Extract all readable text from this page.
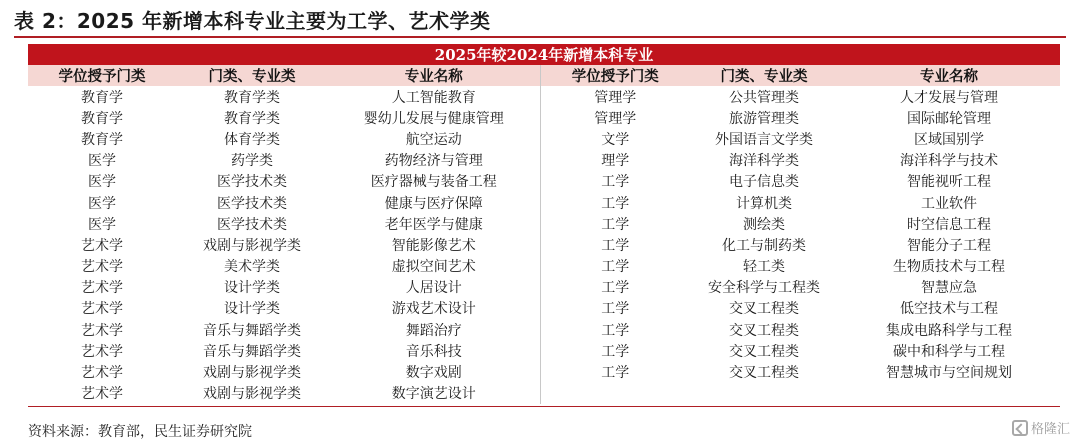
表 2：2025 年新增本科专业主要为工学、艺术学类
2025年较2024年新增本科专业					
学位授予门类	门类、专业类	专业名称	学位授予门类	门类、专业类	专业名称
教育学	教育学类	人工智能教育	管理学	公共管理类	人才发展与管理
教育学	教育学类	婴幼儿发展与健康管理	管理学	旅游管理类	国际邮轮管理
教育学	体育学类	航空运动	文学	外国语言文学类	区域国别学
医学	药学类	药物经济与管理	理学	海洋科学类	海洋科学与技术
医学	医学技术类	医疗器械与装备工程	工学	电子信息类	智能视听工程
医学	医学技术类	健康与医疗保障	工学	计算机类	工业软件
医学	医学技术类	老年医学与健康	工学	测绘类	时空信息工程
艺术学	戏剧与影视学类	智能影像艺术	工学	化工与制药类	智能分子工程
艺术学	美术学类	虚拟空间艺术	工学	轻工类	生物质技术与工程
艺术学	设计学类	人居设计	工学	安全科学与工程类	智慧应急
艺术学	设计学类	游戏艺术设计	工学	交叉工程类	低空技术与工程
艺术学	音乐与舞蹈学类	舞蹈治疗	工学	交叉工程类	集成电路科学与工程
艺术学	音乐与舞蹈学类	音乐科技	工学	交叉工程类	碳中和科学与工程
艺术学	戏剧与影视学类	数字戏剧	工学	交叉工程类	智慧城市与空间规划
艺术学	戏剧与影视学类	数字演艺设计			
资料来源：教育部，民生证券研究院	格隆汇
